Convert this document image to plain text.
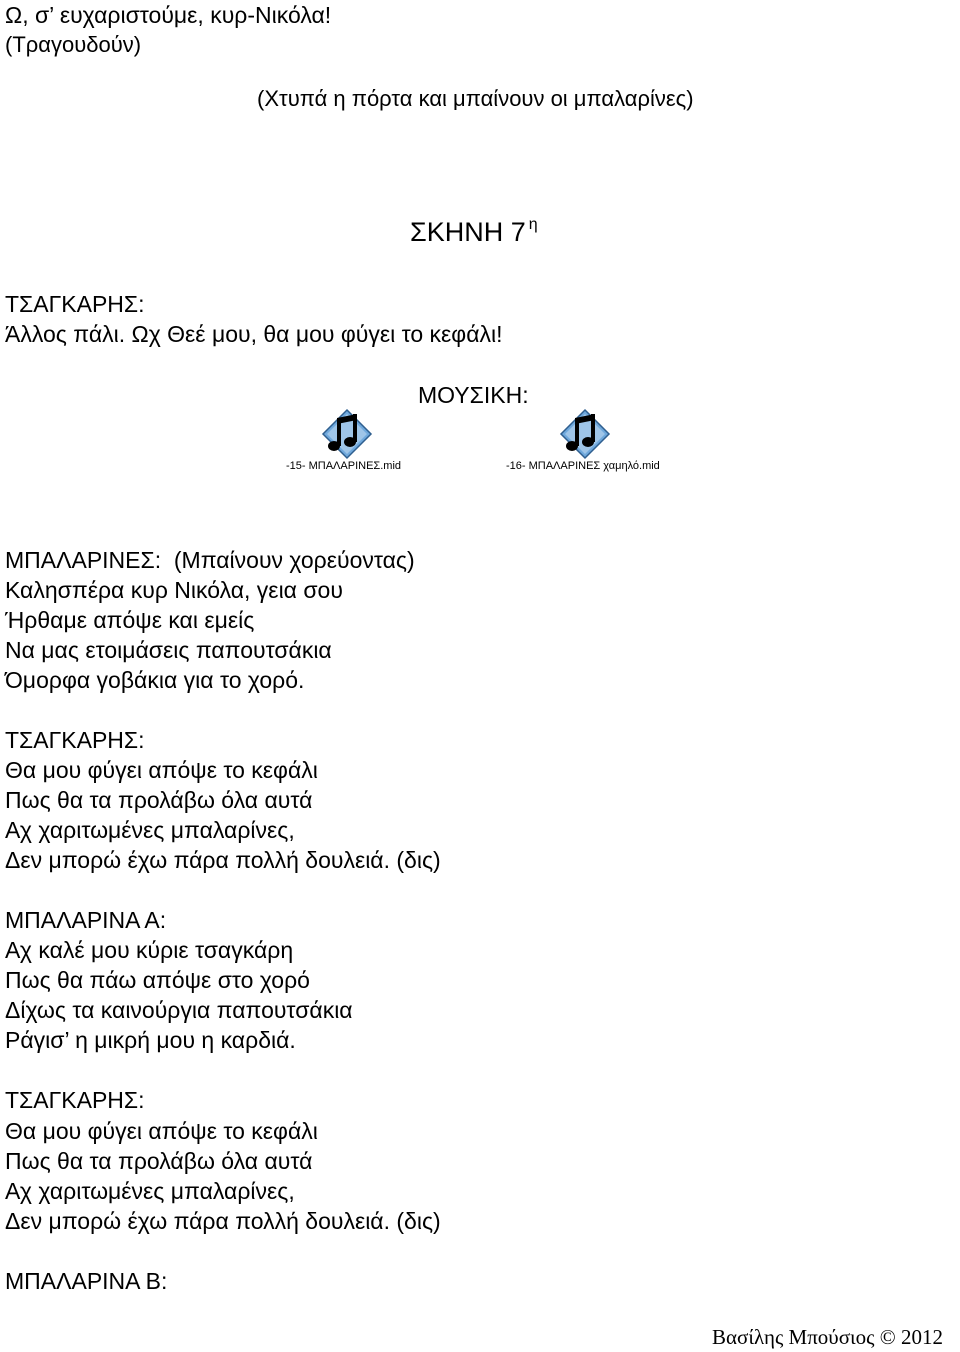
Ω, σ’ ευχαριστούμε, κυρ-Νικόλα!
(Τραγουδούν)
(Χτυπά η πόρτα και μπαίνουν οι μπαλαρίνες)
ΣΚΗΝΗ 7 $^\eta$
ΤΣΑΓΚΑΡΗΣ:
Άλλος πάλι. Ωχ Θεέ μου, θα μου φύγει το κεφάλι!
ΜΟΥΣΙΚΗ:
-15- ΜΠΑΛΑΡΙΝΕΣ.mid	-16- ΜΠΑΛΑΡΙΝΕΣ χαμηλό.mid
ΜΠΑΛΑΡΙΝΕΣ: (Μπαίνουν χορεύοντας)
Καλησπέρα κυρ Νικόλα, γεια σου
Ήρθαμε απόψε και εμείς
Να μας ετοιμάσεις παπουτσάκια
Όμορφα γοβάκια για το χορό.
ΤΣΑΓΚΑΡΗΣ:
Θα μου φύγει απόψε το κεφάλι
Πως θα τα προλάβω όλα αυτά
Αχ χαριτωμένες μπαλαρίνες,
Δεν μπορώ έχω πάρα πολλή δουλειά. (δις)
ΜΠΑΛΑΡΙΝΑ Α:
Αχ καλέ μου κύριε τσαγκάρη
Πως θα πάω απόψε στο χορό
Δίχως τα καινούργια παπουτσάκια
Ράγισ’ η μικρή μου η καρδιά.
ΤΣΑΓΚΑΡΗΣ:
Θα μου φύγει απόψε το κεφάλι
Πως θα τα προλάβω όλα αυτά
Αχ χαριτωμένες μπαλαρίνες,
Δεν μπορώ έχω πάρα πολλή δουλειά. (δις)
ΜΠΑΛΑΡΙΝΑ Β:
Βασίλης Μπούσιος © 2012
